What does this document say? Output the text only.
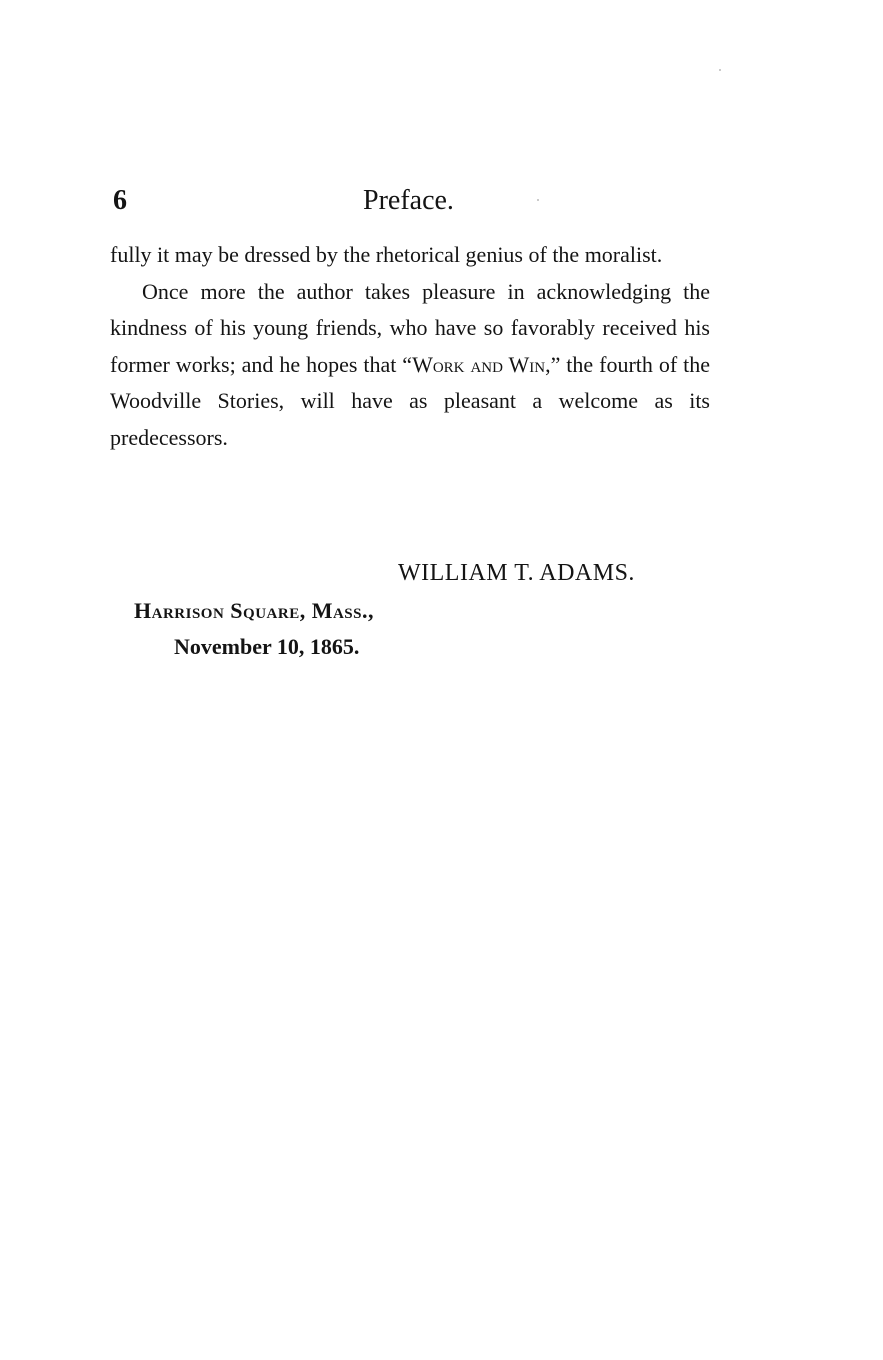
6	Preface.

fully it may be dressed by the rhetorical genius of the moralist.

Once more the author takes pleasure in acknowledging the kindness of his young friends, who have so favorably received his former works; and he hopes that “Work and Win,” the fourth of the Woodville Stories, will have as pleasant a welcome as its predecessors.

WILLIAM T. ADAMS.
Harrison Square, Mass.,
November 10, 1865.
